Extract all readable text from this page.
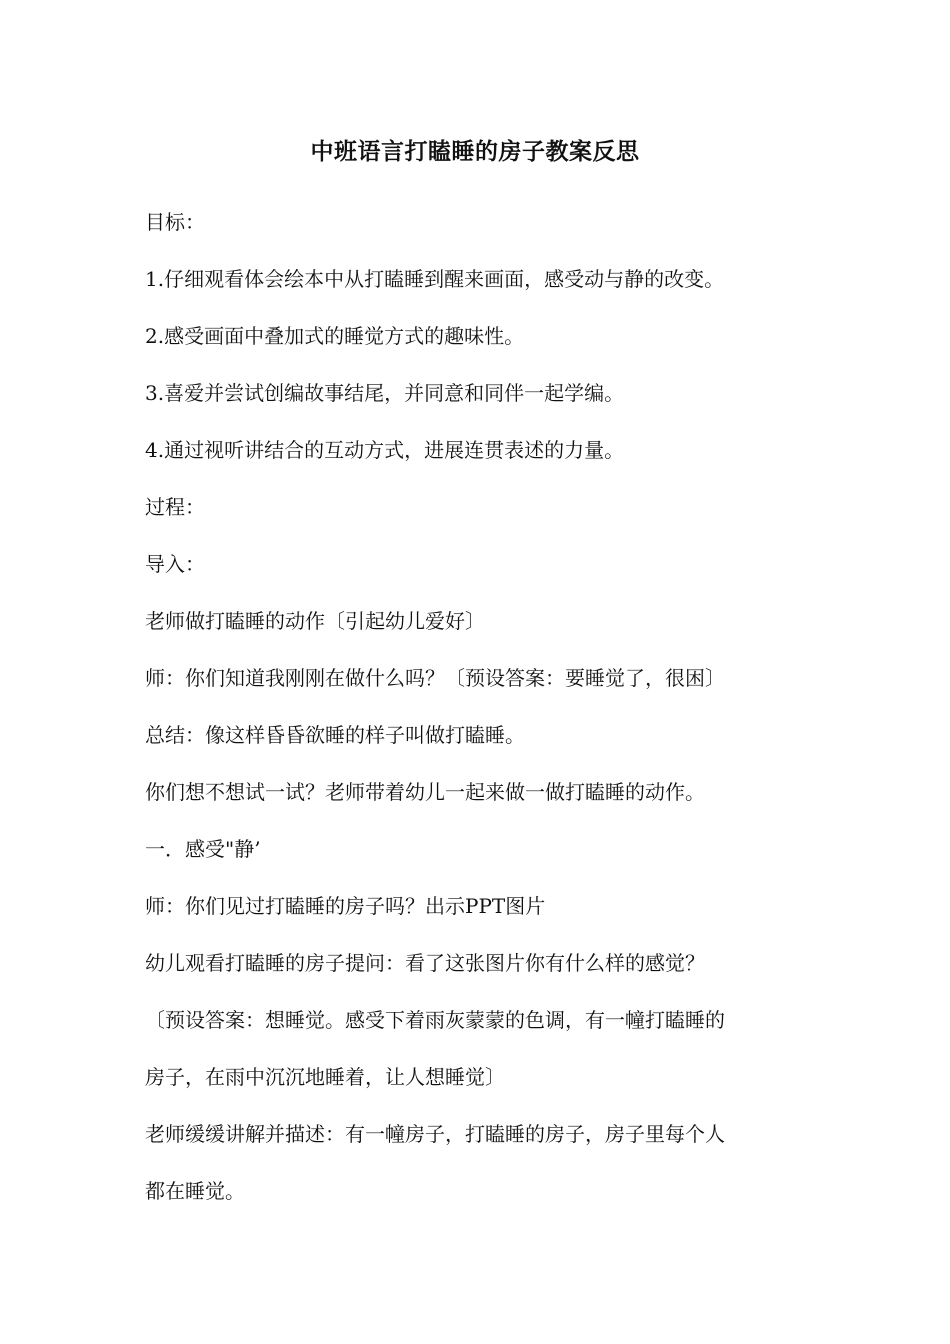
中班语言打瞌睡的房子教案反思
目标：
1.仔细观看体会绘本中从打瞌睡到醒来画面，感受动与静的改变。
2.感受画面中叠加式的睡觉方式的趣味性。
3.喜爱并尝试创编故事结尾，并同意和同伴一起学编。
4.通过视听讲结合的互动方式，进展连贯表述的力量。
过程：
导入：
老师做打瞌睡的动作〔引起幼儿爱好〕
师：你们知道我刚刚在做什么吗？〔预设答案：要睡觉了，很困〕
总结：像这样昏昏欲睡的样子叫做打瞌睡。
你们想不想试一试？老师带着幼儿一起来做一做打瞌睡的动作。
一．感受"静’
师：你们见过打瞌睡的房子吗？出示PPT图片
幼儿观看打瞌睡的房子提问：看了这张图片你有什么样的感觉？
〔预设答案：想睡觉。感受下着雨灰蒙蒙的色调，有一幢打瞌睡的
房子，在雨中沉沉地睡着，让人想睡觉〕
老师缓缓讲解并描述：有一幢房子，打瞌睡的房子，房子里每个人
都在睡觉。
